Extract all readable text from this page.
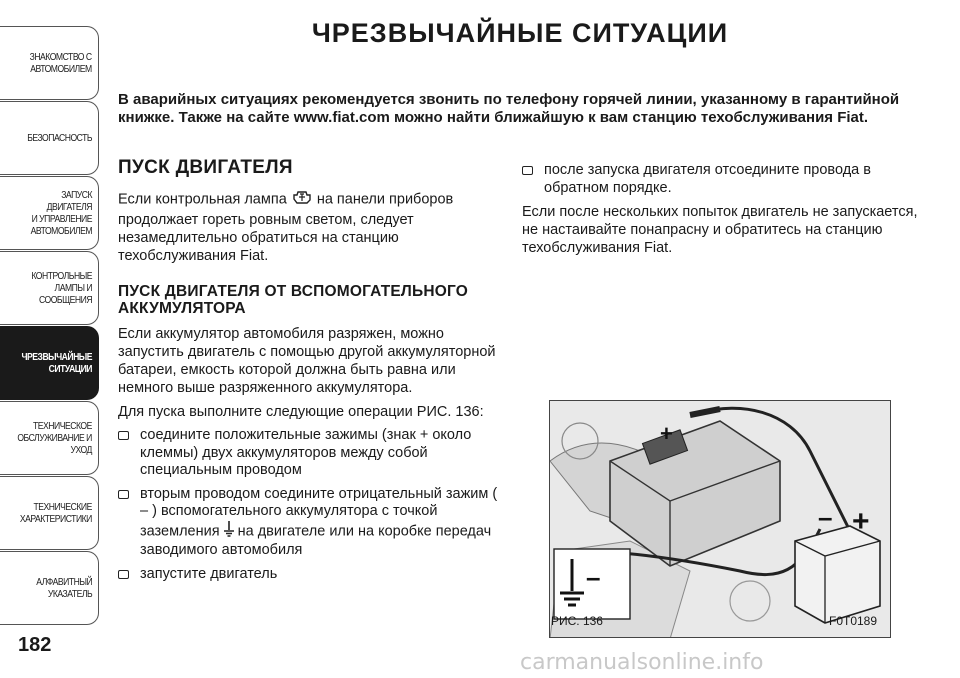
ЗНАКОМСТВО С
АВТОМОБИЛЕМ
БЕЗОПАСНОСТЬ
ЗАПУСК ДВИГАТЕЛЯ
И УПРАВЛЕНИЕ
АВТОМОБИЛЕМ
КОНТРОЛЬНЫЕ
ЛАМПЫ И
СООБЩЕНИЯ
ЧРЕЗВЫЧАЙНЫЕ
СИТУАЦИИ
ТЕХНИЧЕСКОЕ
ОБСЛУЖИВАНИЕ И
УХОД
ТЕХНИЧЕСКИЕ
ХАРАКТЕРИСТИКИ
АЛФАВИТНЫЙ
УКАЗАТЕЛЬ
182
ЧРЕЗВЫЧАЙНЫЕ СИТУАЦИИ
В аварийных ситуациях рекомендуется звонить по телефону горячей линии, указанному в гарантийной книжке. Также на сайте www.fiat.com можно найти ближайшую к вам станцию техобслуживания Fiat.
ПУСК ДВИГАТЕЛЯ

Если контрольная лампа на панели приборов продолжает гореть ровным светом, следует незамедлительно обратиться на станцию техобслуживания Fiat.

ПУСК ДВИГАТЕЛЯ ОТ ВСПОМОГАТЕЛЬНОГО АККУМУЛЯТОРА

Если аккумулятор автомобиля разряжен, можно запустить двигатель с помощью другой аккумуляторной батареи, емкость которой должна быть равна или немного выше разряженного аккумулятора.

Для пуска выполните следующие операции РИС. 136:

соедините положительные зажимы (знак + около клеммы) двух аккумуляторов между собой специальным проводом
вторым проводом соедините отрицательный зажим ( – ) вспомогательного аккумулятора с точкой заземления на двигателе или на коробке передач заводимого автомобиля
запустите двигатель
после запуска двигателя отсоедините провода в обратном порядке.

Если после нескольких попыток двигатель не запускается, не настаивайте понапрасну и обратитесь на станцию техобслуживания Fiat.

+
– +
–
РИС. 136	F0T0189
carmanualsonline.info
